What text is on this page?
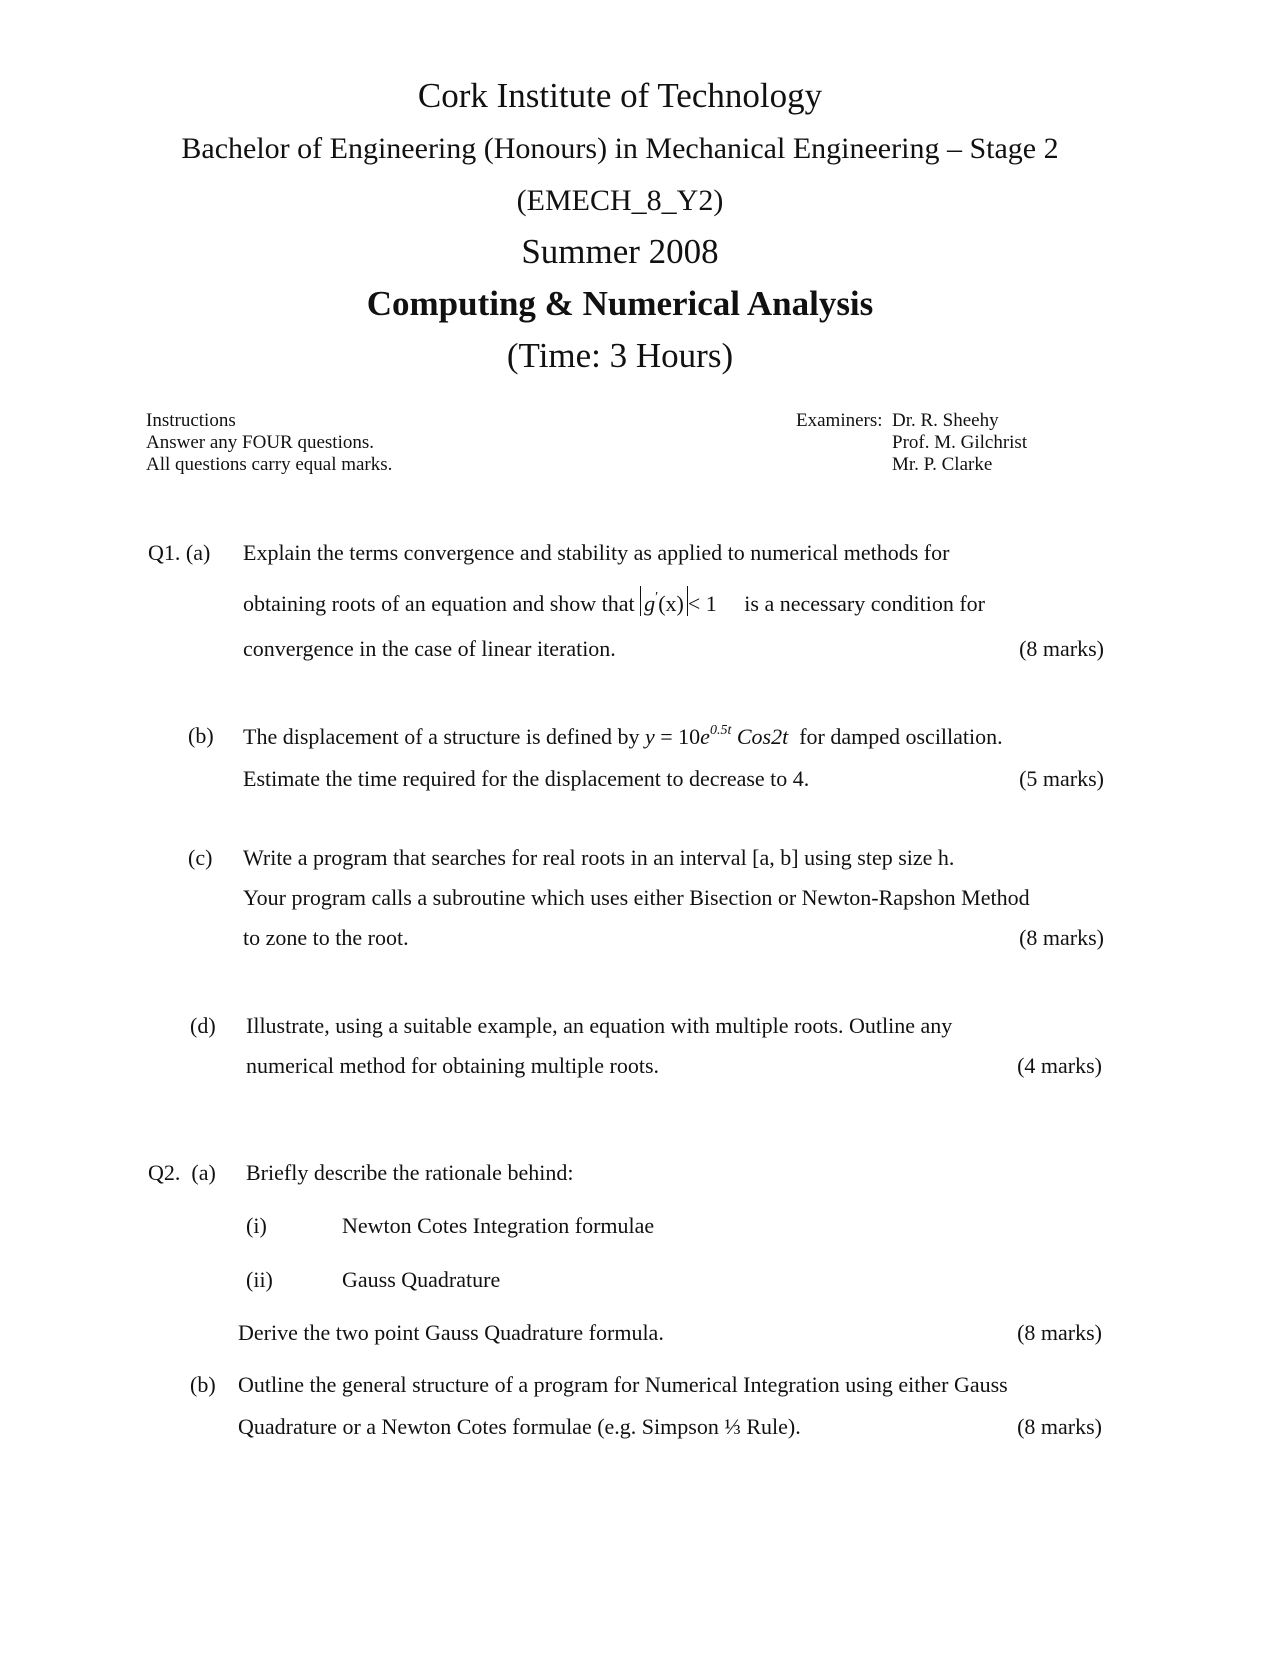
Cork Institute of Technology
Bachelor of Engineering (Honours) in Mechanical Engineering – Stage 2
(EMECH_8_Y2)
Summer 2008
Computing & Numerical Analysis
(Time: 3 Hours)
Instructions
Answer any FOUR questions.
All questions carry equal marks.
Examiners: Dr. R. Sheehy
Prof. M. Gilchrist
Mr. P. Clarke
Q1. (a) Explain the terms convergence and stability as applied to numerical methods for
obtaining roots of an equation and show that g′(x) < 1 is a necessary condition for
convergence in the case of linear iteration.	(8 marks)
(b) The displacement of a structure is defined by $y = 10e^{0.5t}$ Cos2t for damped oscillation.
Estimate the time required for the displacement to decrease to 4.	(5 marks)
(c) Write a program that searches for real roots in an interval [a, b] using step size h.
Your program calls a subroutine which uses either Bisection or Newton-Rapshon Method
to zone to the root.	(8 marks)
(d) Illustrate, using a suitable example, an equation with multiple roots. Outline any
numerical method for obtaining multiple roots.	(4 marks)
Q2. (a) Briefly describe the rationale behind:
(i)	Newton Cotes Integration formulae
(ii)	Gauss Quadrature
Derive the two point Gauss Quadrature formula.	(8 marks)
(b) Outline the general structure of a program for Numerical Integration using either Gauss
Quadrature or a Newton Cotes formulae (e.g. Simpson ⅓ Rule).	(8 marks)
